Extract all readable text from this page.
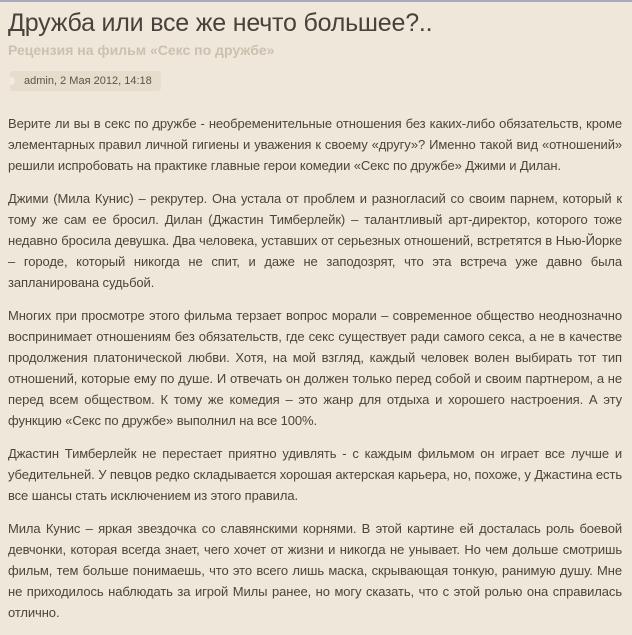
Дружба или все же нечто большее?..
Рецензия на фильм «Секс по дружбе»
admin, 2 Мая 2012, 14:18

Верите ли вы в секс по дружбе - необременительные отношения без каких-либо обязательств, кроме элементарных правил личной гигиены и уважения к своему «другу»? Именно такой вид «отношений» решили испробовать на практике главные герои комедии «Секс по дружбе» Джими и Дилан.

Джими (Мила Кунис) – рекрутер. Она устала от проблем и разногласий со своим парнем, который к тому же сам ее бросил. Дилан (Джастин Тимберлейк) – талантливый арт-директор, которого тоже недавно бросила девушка. Два человека, уставших от серьезных отношений, встретятся в Нью-Йорке – городе, который никогда не спит, и даже не заподозрят, что эта встреча уже давно была запланирована судьбой.

Многих при просмотре этого фильма терзает вопрос морали – современное общество неоднозначно воспринимает отношениям без обязательств, где секс существует ради самого секса, а не в качестве продолжения платонической любви. Хотя, на мой взгляд, каждый человек волен выбирать тот тип отношений, которые ему по душе. И отвечать он должен только перед собой и своим партнером, а не перед всем обществом. К тому же комедия – это жанр для отдыха и хорошего настроения. А эту функцию «Секс по дружбе» выполнил на все 100%.

Джастин Тимберлейк не перестает приятно удивлять - с каждым фильмом он играет все лучше и убедительней. У певцов редко складывается хорошая актерская карьера, но, похоже, у Джастина есть все шансы стать исключением из этого правила.

Мила Кунис – яркая звездочка со славянскими корнями. В этой картине ей досталась роль боевой девчонки, которая всегда знает, чего хочет от жизни и никогда не унывает. Но чем дольше смотришь фильм, тем больше понимаешь, что это всего лишь маска, скрывающая тонкую, ранимую душу. Мне не приходилось наблюдать за игрой Милы ранее, но могу сказать, что с этой ролью она справилась отлично.
